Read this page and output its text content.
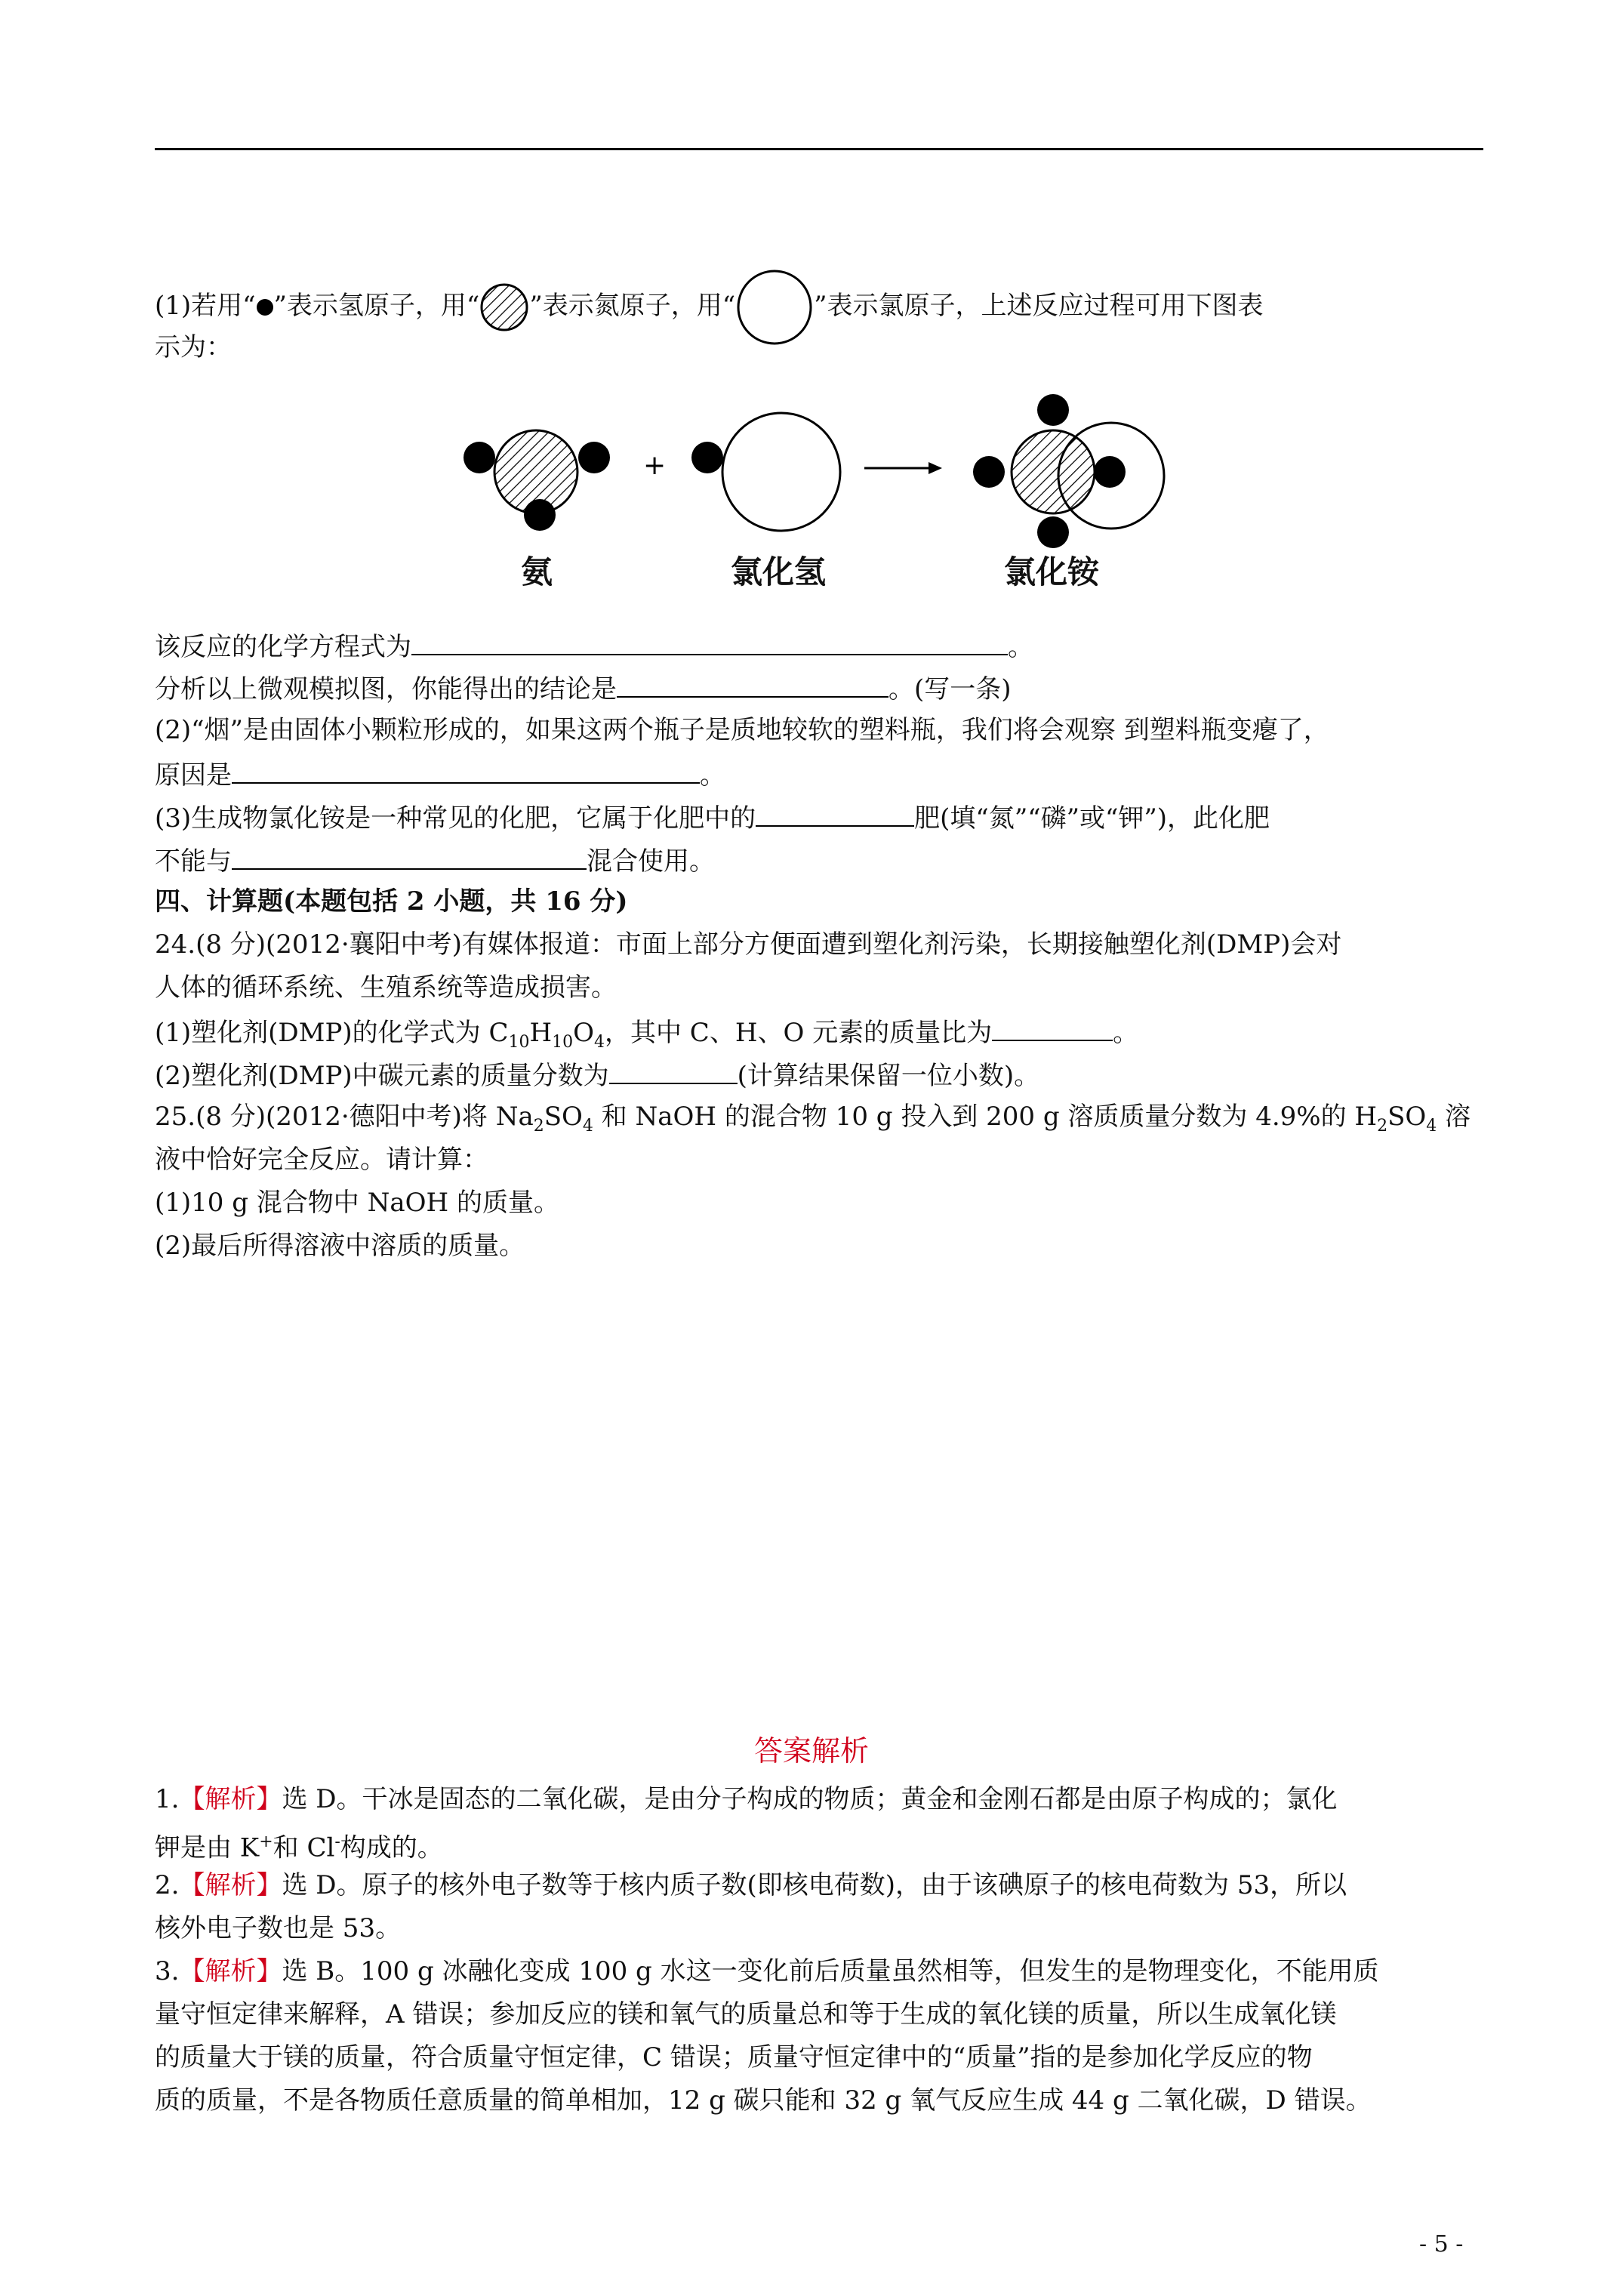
(1)若用“ ”表示氢原子，用“ ”表示氮原子，用“	”表示氯原子，上述反应过程可用下图表
示为：
+
氨	氯化氢	氯化铵
该反应的化学方程式为	。
分析以上微观模拟图，你能得出的结论是	。(写一条)
(2)“烟”是由固体小颗粒形成的，如果这两个瓶子是质地较软的塑料瓶，我们将会观察 到塑料瓶变瘪了，
原因是	。
(3)生成物氯化铵是一种常见的化肥，它属于化肥中的	肥(填“氮”“磷”或“钾”)，此化肥
不能与	混合使用。
四、计算题(本题包括 2 小题，共 16 分)
24.(8 分)(2012·襄阳中考)有媒体报道：市面上部分方便面遭到塑化剂污染，长期接触塑化剂(DMP)会对
人体的循环系统、生殖系统等造成损害。
(1)塑化剂(DMP)的化学式为 $C_{10}H_{10}O_4$，其中 C、H、O 元素的质量比为	。
(2)塑化剂(DMP)中碳元素的质量分数为	(计算结果保留一位小数)。
25.(8 分)(2012·德阳中考)将 $Na_2SO_4$ 和 NaOH 的混合物 10 g 投入到 200 g 溶质质量分数为 4.9%的 $H_2SO_4$ 溶
液中恰好完全反应。请计算：
(1)10 g 混合物中 NaOH 的质量。
(2)最后所得溶液中溶质的质量。
答案解析
1.【解析】选 D。干冰是固态的二氧化碳，是由分子构成的物质；黄金和金刚石都是由原子构成的；氯化
钾是由 K+和 Cl-构成的。
2.【解析】选 D。原子的核外电子数等于核内质子数(即核电荷数)，由于该碘原子的核电荷数为 53，所以
核外电子数也是 53。
3.【解析】选 B。100 g 冰融化变成 100 g 水这一变化前后质量虽然相等，但发生的是物理变化，不能用质
量守恒定律来解释，A 错误；参加反应的镁和氧气的质量总和等于生成的氧化镁的质量，所以生成氧化镁
的质量大于镁的质量，符合质量守恒定律，C 错误；质量守恒定律中的“质量”指的是参加化学反应的物
质的质量，不是各物质任意质量的简单相加，12 g 碳只能和 32 g 氧气反应生成 44 g 二氧化碳，D 错误。
- 5 -
